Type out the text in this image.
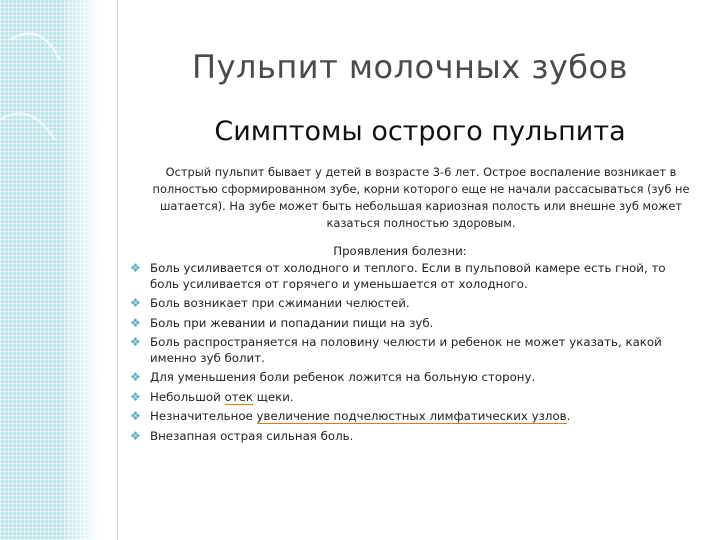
Пульпит молочных зубов
Симптомы острого пульпита
Острый пульпит бывает у детей в возрасте 3-6 лет. Острое воспаление возникает в полностью сформированном зубе, корни которого еще не начали рассасываться (зуб не шатается). На зубе может быть небольшая кариозная полость или внешне зуб может казаться полностью здоровым.
Проявления болезни:
❖ Боль усиливается от холодного и теплого. Если в пульповой камере есть гной, то боль усиливается от горячего и уменьшается от холодного.
❖ Боль возникает при сжимании челюстей.
❖ Боль при жевании и попадании пищи на зуб.
❖ Боль распространяется на половину челюсти и ребенок не может указать, какой именно зуб болит.
❖ Для уменьшения боли ребенок ложится на больную сторону.
❖ Небольшой отек щеки.
❖ Незначительное увеличение подчелюстных лимфатических узлов.
❖ Внезапная острая сильная боль.
